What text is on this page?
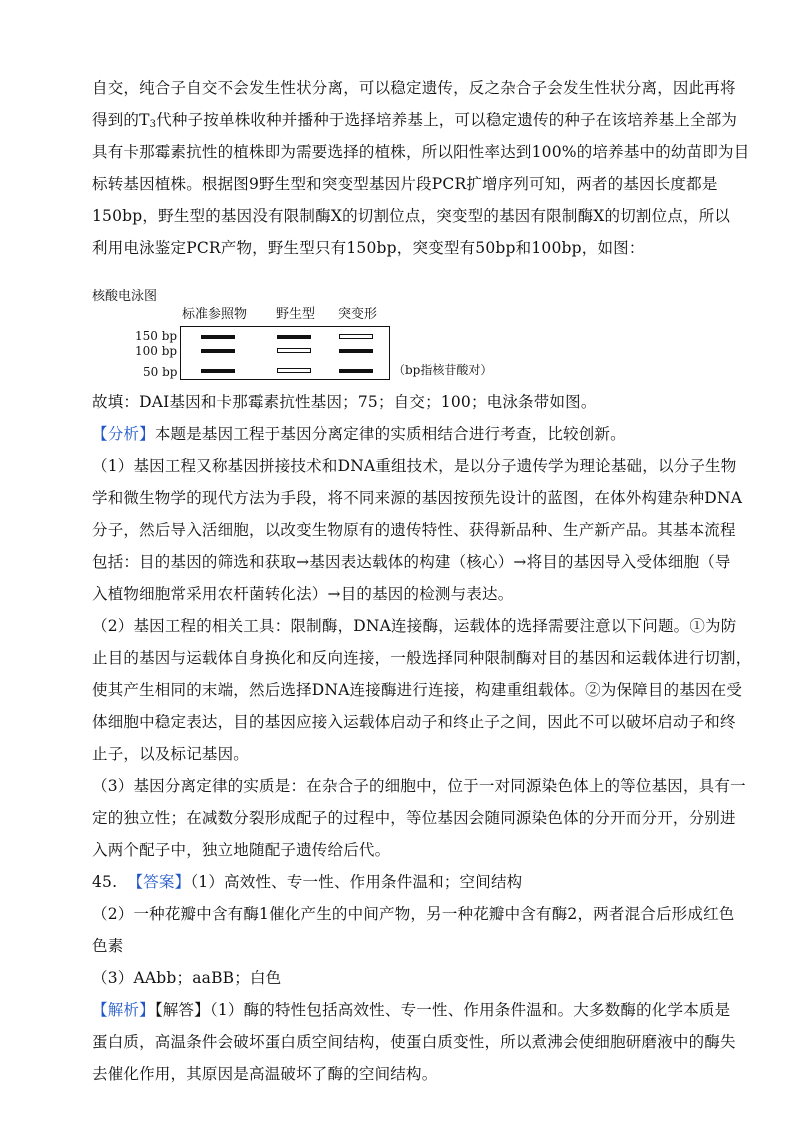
自交，纯合子自交不会发生性状分离，可以稳定遗传，反之杂合子会发生性状分离，因此再将
得到的$T_3$代种子按单株收种并播种于选择培养基上，可以稳定遗传的种子在该培养基上全部为
具有卡那霉素抗性的植株即为需要选择的植株，所以阳性率达到100%的培养基中的幼苗即为目
标转基因植株。根据图9野生型和突变型基因片段PCR扩增序列可知，两者的基因长度都是
150bp，野生型的基因没有限制酶X的切割位点，突变型的基因有限制酶X的切割位点，所以
利用电泳鉴定PCR产物，野生型只有150bp，突变型有50bp和100bp，如图：
核酸电泳图
标准参照物 野生型 突变形
150 bp
100 bp
50 bp	（bp指核苷酸对）
故填：DAI基因和卡那霉素抗性基因；75；自交；100；电泳条带如图。
【分析】本题是基因工程于基因分离定律的实质相结合进行考查，比较创新。
（1）基因工程又称基因拼接技术和DNA重组技术，是以分子遗传学为理论基础，以分子生物
学和微生物学的现代方法为手段，将不同来源的基因按预先设计的蓝图，在体外构建杂种DNA
分子，然后导入活细胞，以改变生物原有的遗传特性、获得新品种、生产新产品。其基本流程
包括：目的基因的筛选和获取→基因表达载体的构建（核心）→将目的基因导入受体细胞（导
入植物细胞常采用农杆菌转化法）→目的基因的检测与表达。
（2）基因工程的相关工具：限制酶，DNA连接酶，运载体的选择需要注意以下问题。①为防
止目的基因与运载体自身换化和反向连接，一般选择同种限制酶对目的基因和运载体进行切割，
使其产生相同的末端，然后选择DNA连接酶进行连接，构建重组载体。②为保障目的基因在受
体细胞中稳定表达，目的基因应接入运载体启动子和终止子之间，因此不可以破坏启动子和终
止子，以及标记基因。
（3）基因分离定律的实质是：在杂合子的细胞中，位于一对同源染色体上的等位基因，具有一
定的独立性；在减数分裂形成配子的过程中，等位基因会随同源染色体的分开而分开，分别进
入两个配子中，独立地随配子遗传给后代。
45. 【答案】（1）高效性、专一性、作用条件温和；空间结构
（2）一种花瓣中含有酶1催化产生的中间产物，另一种花瓣中含有酶2，两者混合后形成红色
色素
（3）AAbb；aaBB；白色
【解析】【解答】（1）酶的特性包括高效性、专一性、作用条件温和。大多数酶的化学本质是
蛋白质，高温条件会破坏蛋白质空间结构，使蛋白质变性，所以煮沸会使细胞研磨液中的酶失
去催化作用，其原因是高温破坏了酶的空间结构。
